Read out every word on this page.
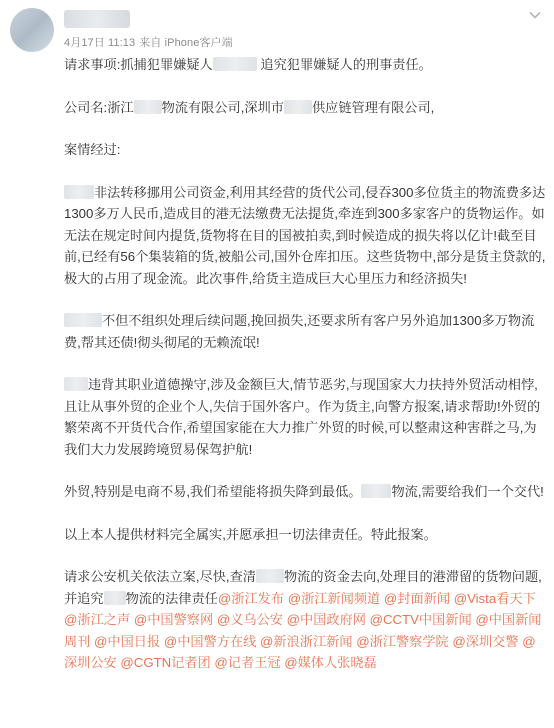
4月17日 11:13 来自 iPhone客户端

请求事项:抓捕犯罪嫌疑人	追究犯罪嫌疑人的刑事责任。

公司名:浙江 物流有限公司,深圳市 供应链管理有限公司,

案情经过:

非法转移挪用公司资金,利用其经营的货代公司,侵吞300多位货主的物流费多达1300多万人民币,造成目的港无法缴费无法提货,牵连到300多家客户的货物运作。如无法在规定时间内提货,货物将在目的国被拍卖,到时候造成的损失将以亿计!截至目前,已经有56个集装箱的货,被船公司,国外仓库扣压。这些货物中,部分是货主贷款的,极大的占用了现金流。此次事件,给货主造成巨大心里压力和经济损失!

不但不组织处理后续问题,挽回损失,还要求所有客户另外追加1300多万物流费,帮其还债!彻头彻尾的无赖流氓!

违背其职业道德操守,涉及金额巨大,情节恶劣,与现国家大力扶持外贸活动相悖,且让从事外贸的企业个人,失信于国外客户。作为货主,向警方报案,请求帮助!外贸的繁荣离不开货代合作,希望国家能在大力推广外贸的时候,可以整肃这种害群之马,为我们大力发展跨境贸易保驾护航!

外贸,特别是电商不易,我们希望能将损失降到最低。 物流,需要给我们一个交代!

以上本人提供材料完全属实,并愿承担一切法律责任。特此报案。

请求公安机关依法立案,尽快,查清 物流的资金去向,处理目的港滞留的货物问题,并追究 物流的法律责任@浙江发布 @浙江新闻频道 @封面新闻 @Vista看天下 @浙江之声 @中国警察网 @义乌公安 @中国政府网 @CCTV中国新闻 @中国新闻周刊 @中国日报 @中国警方在线 @新浪浙江新闻 @浙江警察学院 @深圳交警 @深圳公安 @CGTN记者团 @记者王冠 @媒体人张晓磊
